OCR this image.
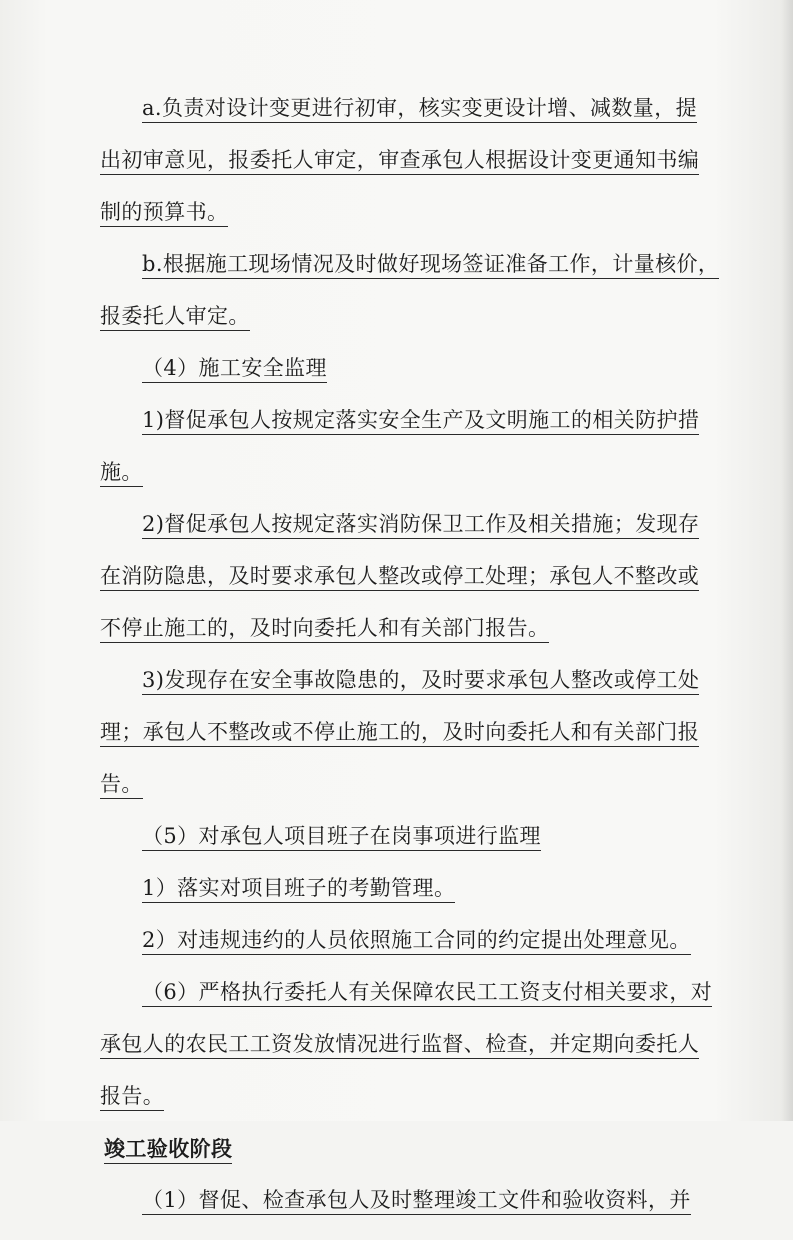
a.负责对设计变更进行初审，核实变更设计增、减数量，提
出初审意见，报委托人审定，审查承包人根据设计变更通知书编
制的预算书。
b.根据施工现场情况及时做好现场签证准备工作，计量核价，
报委托人审定。
（4）施工安全监理
1)督促承包人按规定落实安全生产及文明施工的相关防护措
施。
2)督促承包人按规定落实消防保卫工作及相关措施；发现存
在消防隐患，及时要求承包人整改或停工处理；承包人不整改或
不停止施工的，及时向委托人和有关部门报告。
3)发现存在安全事故隐患的，及时要求承包人整改或停工处
理；承包人不整改或不停止施工的，及时向委托人和有关部门报
告。
（5）对承包人项目班子在岗事项进行监理
1）落实对项目班子的考勤管理。
2）对违规违约的人员依照施工合同的约定提出处理意见。
（6）严格执行委托人有关保障农民工工资支付相关要求，对
承包人的农民工工资发放情况进行监督、检查，并定期向委托人
报告。
竣工验收阶段
（1）督促、检查承包人及时整理竣工文件和验收资料，并
